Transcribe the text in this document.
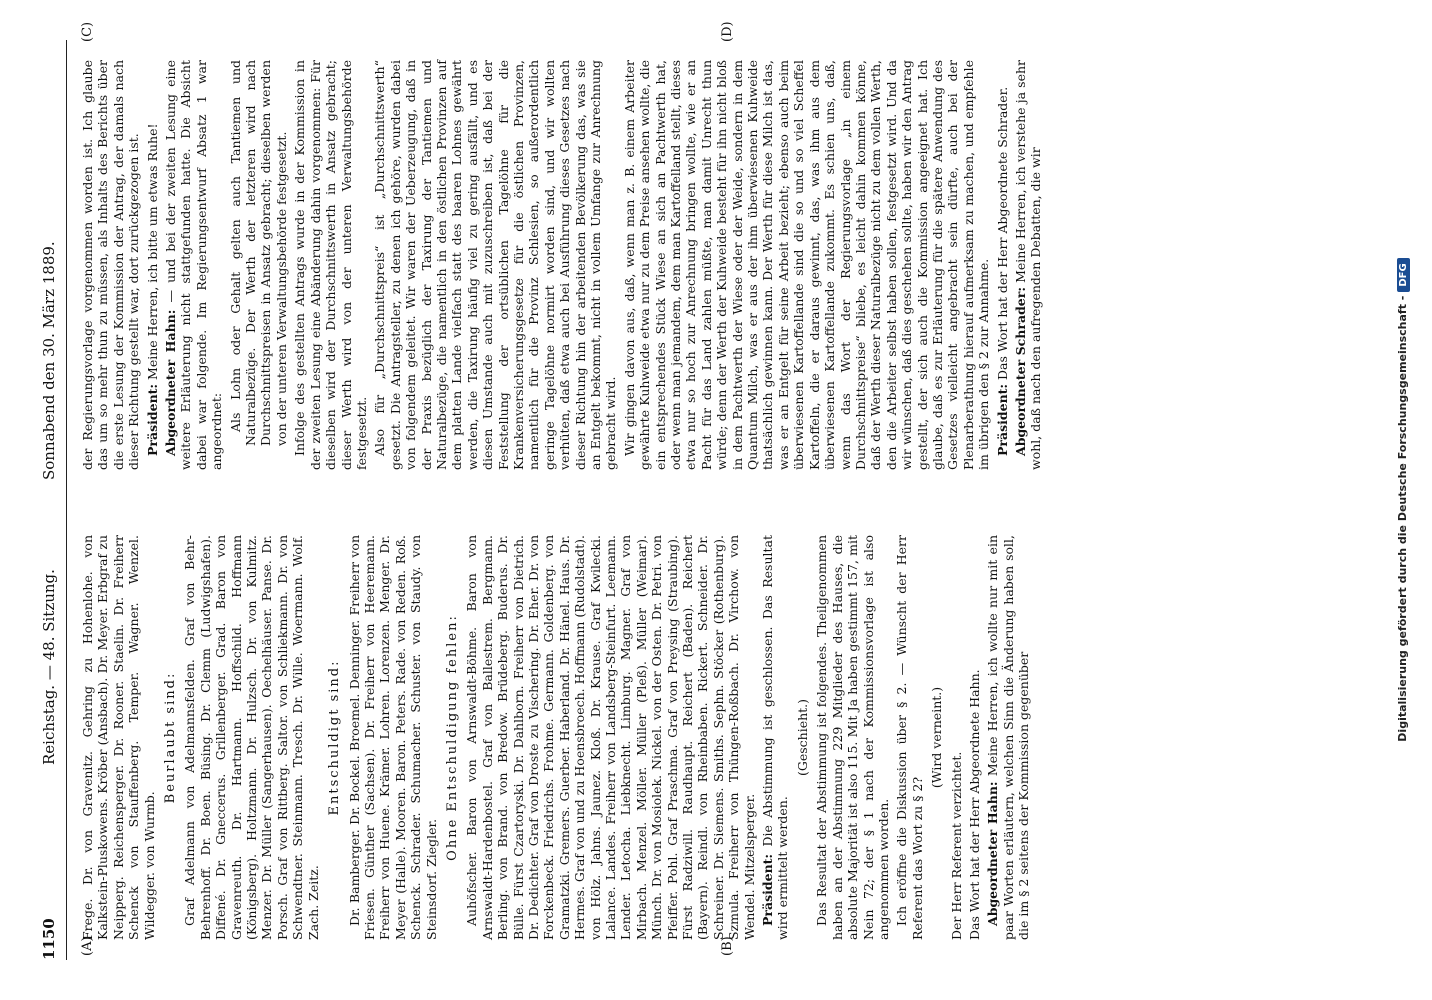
1150
Reichstag. — 48. Sitzung.
Sonnabend den 30. März 1889.
(A)	(B)
(C)	(D)

Frege. Dr. von Gravenitz. Gehring zu Hohenlohe. von Kalkstein-Pluskowens. Kröber (Ansbach). Dr. Meyer. Erbgraf zu Neipperg. Reichensperger. Dr. Rooner. Staelin. Dr. Freiherr Schenck von Stauffenberg. Temper. Wagner. Wenzel. Wildegger. von Wurmb.

Beurlaubt sind: Graf Adelmann von Adelmannsfelden. Graf von Behr-Behrenhoff. Dr. Boen. Büsing. Dr. Clemm (Ludwigshafen). Diffené. Dr. Gneccerus. Grillenberger. Grad. Baron von Gravenreuth. Dr. Hartmann. Hoffschild. Hoffmann (Königsberg). Holtzmann. Dr. Hulzsch. Dr. von Kulmitz. Menzer. Dr. Müller (Sangerhausen). Oechelhäuser. Panse. Dr. Porsch. Graf von Rittberg. Saltor. von Schliekmann. Dr. von Schwendtner. Steinmann. Tresch. Dr. Wille. Woermann. Wolf. Zach. Zeitz.

Entschuldigt sind: Dr. Bamberger. Dr. Bockel. Broemel. Denninger. Freiherr von Friesen. Günther (Sachsen). Dr. Freiherr von Heeremann. Freiherr von Huene. Krämer. Lohren. Lorenzen. Menger. Dr. Meyer (Halle). Mooren. Baron. Peters. Rade. von Reden. Roß. Schenck. Schrader. Schumacher. Schuster. von Staudy. von Steinsdorf. Ziegler.

Ohne Entschuldigung fehlen: Auhöfscher. Baron von Arnswaldt-Böhme. Baron von Arnswaldt-Hardenbostel. Graf von Ballestrem. Bergmann. Berling. von Brand. von Bredow. Brüdeberg. Buderus. Dr. Bülle. Fürst Czartoryski. Dr. Dahlborn. Freiherr von Dietrich. Dr. Dedichter. Graf von Droste zu Vischering. Dr. Eher. Dr. von Forckenbeck. Friedrichs. Frohme. Germann. Goldenberg. von Gramatzki. Gremers. Guerber. Haberland. Dr. Hänel. Haus. Dr. Hermes. Graf von und zu Hoensbroech. Hoffmann (Rudolstadt). von Hölz. Jahns. Jaunez. Kloß. Dr. Krause. Graf Kwilecki. Lalance. Landes. Freiherr von Landsberg-Steinfurt. Leemann. Lender. Letocha. Liebknecht. Limburg. Magner. Graf von Mirbach. Menzel. Möller. Müller (Pleß). Müller (Weimar). Münch. Dr. von Mosiolek. Nickel. von der Osten. Dr. Petri. von Pfeiffer. Pohl. Graf Praschma. Graf von Preysing (Straubing). Fürst Radziwill. Raudhaupt. Reichert (Baden). Reichert (Bayern). Reindl. von Rheinbaben. Rickert. Schneider. Dr. Schreiner. Dr. Siemens. Smiths. Sephn. Stöcker (Rothenburg). Szmula. Freiherr von Thüngen-Roßbach. Dr. Virchow. von Wendel. Mitzelsperger. Präsident: Die Abstimmung ist geschlossen. Das Resultat wird ermittelt werden.

(Geschieht.) Das Resultat der Abstimmung ist folgendes. Theilgenommen haben an der Abstimmung 229 Mitglieder des Hauses, die absolute Majorität ist also 115. Mit Ja haben gestimmt 157, mit Nein 72; der § 1 nach der Kommissionsvorlage ist also angenommen worden. Ich eröffne die Diskussion über § 2. — Wünscht der Herr Referent das Wort zu § 2?

(Wird verneint.)

Der Herr Referent verzichtet. Das Wort hat der Herr Abgeordnete Hahn. Abgeordneter Hahn: Meine Herren, ich wollte nur mit ein paar Worten erläutern, welchen Sinn die Änderung haben soll, die im § 2 seitens der Kommission gegenüber

der Regierungsvorlage vorgenommen worden ist. Ich glaube das um so mehr thun zu müssen, als Inhalts des Berichts über die erste Lesung der Kommission der Antrag, der damals nach dieser Richtung gestellt war, dort zurückgezogen ist. Präsident: Meine Herren, ich bitte um etwas Ruhe!

Abgeordneter Hahn: — und bei der zweiten Lesung eine weitere Erläuterung nicht stattgefunden hatte. Die Absicht dabei war folgende. Im Regierungsentwurf Absatz 1 war angeordnet: Als Lohn oder Gehalt gelten auch Tantiemen und Naturalbezüge. Der Werth der letzteren wird nach Durchschnittspreisen in Ansatz gebracht; dieselben werden von der unteren Verwaltungsbehörde festgesetzt. Infolge des gestellten Antrags wurde in der Kommission in der zweiten Lesung eine Abänderung dahin vorgenommen: Für dieselben wird der Durchschnittswerth in Ansatz gebracht; dieser Werth wird von der unteren Verwaltungsbehörde festgesetzt. Also für „Durchschnittspreis“ ist „Durchschnittswerth“ gesetzt. Die Antragsteller, zu denen ich gehöre, wurden dabei von folgendem geleitet. Wir waren der Ueberzeugung, daß in der Praxis bezüglich der Taxirung der Tantiemen und Naturalbezüge, die namentlich in den östlichen Provinzen auf dem platten Lande vielfach statt des baaren Lohnes gewährt werden, die Taxirung häufig viel zu gering ausfällt, und es diesen Umstande auch mit zuzuschreiben ist, daß bei der Feststellung der ortsüblichen Tagelöhne für die Krankenversicherungsgesetze für die östlichen Provinzen, namentlich für die Provinz Schlesien, so außerordentlich geringe Tagelöhne normirt worden sind, und wir wollten verhüten, daß etwa auch bei Ausführung dieses Gesetzes nach dieser Richtung hin der arbeitenden Bevölkerung das, was sie an Entgelt bekommt, nicht in vollem Umfange zur Anrechnung gebracht wird. Wir gingen davon aus, daß, wenn man z. B. einem Arbeiter gewährte Kuhweide etwa nur zu dem Preise ansehen wollte, die ein entsprechendes Stück Wiese an sich an Pachtwerth hat, oder wenn man jemandem, dem man Kartoffelland stellt, dieses etwa nur so hoch zur Anrechnung bringen wollte, wie er an Pacht für das Land zahlen müßte, man damit Unrecht thun würde; denn der Werth der Kuhweide besteht für ihn nicht bloß in dem Pachtwerth der Wiese oder der Weide, sondern in dem Quantum Milch, was er aus der ihm überwiesenen Kuhweide thatsächlich gewinnen kann. Der Werth für diese Milch ist das, was er an Entgelt für seine Arbeit bezieht; ebenso auch beim überwiesenen Kartoffellande sind die so und so viel Scheffel Kartoffeln, die er daraus gewinnt, das, was ihm aus dem überwiesenen Kartoffellande zukommt. Es schien uns, daß, wenn das Wort der Regierungsvorlage „in einem Durchschnittspreise“ bliebe, es leicht dahin kommen könne, daß der Werth dieser Naturalbezüge nicht zu dem vollen Werth, den die Arbeiter selbst haben sollen, festgesetzt wird. Und da wir wünschen, daß dies geschehen sollte, haben wir den Antrag gestellt, der sich auch die Kommission angeeignet hat. Ich glaube, daß es zur Erläuterung für die spätere Anwendung des Gesetzes vielleicht angebracht sein dürfte, auch bei der Plenarberathung hierauf aufmerksam zu machen, und empfehle im übrigen den § 2 zur Annahme. Präsident: Das Wort hat der Herr Abgeordnete Schrader. Abgeordneter Schrader: Meine Herren, ich verstehe ja sehr wohl, daß nach den aufregenden Debatten, die wir	Digitalisierung gefördert durch die Deutsche Forschungsgemeinschaft -DFG
